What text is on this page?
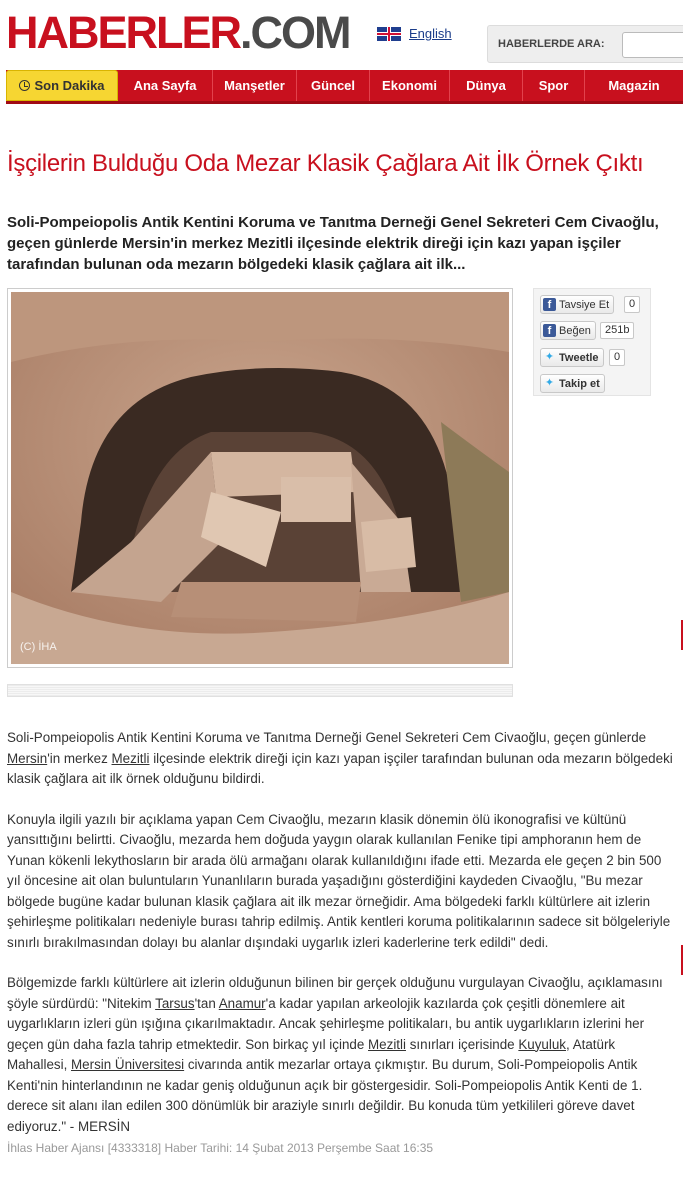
HABERLER.COM	English
HABERLERDE ARA:
Son Dakika	Ana Sayfa	Manşetler	Güncel	Ekonomi	Dünya	Spor	Magazin
İşçilerin Bulduğu Oda Mezar Klasik Çağlara Ait İlk Örnek Çıktı
Soli-Pompeiopolis Antik Kentini Koruma ve Tanıtma Derneği Genel Sekreteri Cem Civaoğlu, geçen günlerde Mersin'in merkez Mezitli ilçesinde elektrik direği için kazı yapan işçiler tarafından bulunan oda mezarın bölgedeki klasik çağlara ait ilk...
(C) İHA
f Tavsiye Et	0
f Beğen	251b
✦ Tweetle	0
✦ Takip et

Soli-Pompeiopolis Antik Kentini Koruma ve Tanıtma Derneği Genel Sekreteri Cem Civaoğlu, geçen günlerde Mersin'in merkez Mezitli ilçesinde elektrik direği için kazı yapan işçiler tarafından bulunan oda mezarın bölgedeki klasik çağlara ait ilk örnek olduğunu bildirdi.

Konuyla ilgili yazılı bir açıklama yapan Cem Civaoğlu, mezarın klasik dönemin ölü ikonografisi ve kültünü yansıttığını belirtti. Civaoğlu, mezarda hem doğuda yaygın olarak kullanılan Fenike tipi amphoranın hem de Yunan kökenli lekythosların bir arada ölü armağanı olarak kullanıldığını ifade etti. Mezarda ele geçen 2 bin 500 yıl öncesine ait olan buluntuların Yunanlıların burada yaşadığını gösterdiğini kaydeden Civaoğlu, "Bu mezar bölgede bugüne kadar bulunan klasik çağlara ait ilk mezar örneğidir. Ama bölgedeki farklı kültürlere ait izlerin şehirleşme politikaları nedeniyle burası tahrip edilmiş. Antik kentleri koruma politikalarının sadece sit bölgeleriyle sınırlı bırakılmasından dolayı bu alanlar dışındaki uygarlık izleri kaderlerine terk edildi" dedi.

Bölgemizde farklı kültürlere ait izlerin olduğunun bilinen bir gerçek olduğunu vurgulayan Civaoğlu, açıklamasını şöyle sürdürdü: "Nitekim Tarsus'tan Anamur'a kadar yapılan arkeolojik kazılarda çok çeşitli dönemlere ait uygarlıkların izleri gün ışığına çıkarılmaktadır. Ancak şehirleşme politikaları, bu antik uygarlıkların izlerini her geçen gün daha fazla tahrip etmektedir. Son birkaç yıl içinde Mezitli sınırları içerisinde Kuyuluk, Atatürk Mahallesi, Mersin Üniversitesi civarında antik mezarlar ortaya çıkmıştır. Bu durum, Soli-Pompeiopolis Antik Kenti'nin hinterlandının ne kadar geniş olduğunun açık bir göstergesidir. Soli-Pompeiopolis Antik Kenti de 1. derece sit alanı ilan edilen 300 dönümlük bir araziyle sınırlı değildir. Bu konuda tüm yetkilileri göreve davet ediyoruz." - MERSİN

İhlas Haber Ajansı [4333318] Haber Tarihi: 14 Şubat 2013 Perşembe Saat 16:35
